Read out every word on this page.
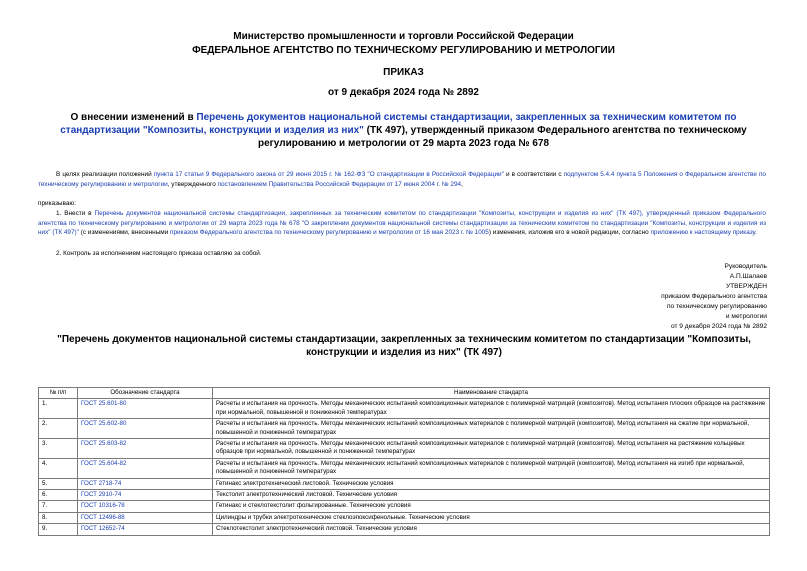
Министерство промышленности и торговли Российской Федерации
ФЕДЕРАЛЬНОЕ АГЕНТСТВО ПО ТЕХНИЧЕСКОМУ РЕГУЛИРОВАНИЮ И МЕТРОЛОГИИ
ПРИКАЗ
от 9 декабря 2024 года № 2892
О внесении изменений в Перечень документов национальной системы стандартизации, закрепленных за техническим комитетом по стандартизации "Композиты, конструкции и изделия из них" (ТК 497), утвержденный приказом Федерального агентства по техническому регулированию и метрологии от 29 марта 2023 года № 678
В целях реализации положений пункта 17 статьи 9 Федерального закона от 29 июня 2015 г. № 162-ФЗ "О стандартизации в Российской Федерации" и в соответствии с подпунктом 5.4.4 пункта 5 Положения о Федеральном агентстве по техническому регулированию и метрологии, утвержденного постановлением Правительства Российской Федерации от 17 июня 2004 г. № 294,
приказываю:
1. Внести в Перечень документов национальной системы стандартизации, закрепленных за техническим комитетом по стандартизации "Композиты, конструкции и изделия из них" (ТК 497), утвержденный приказом Федерального агентства по техническому регулированию и метрологии от 29 марта 2023 года № 678 "О закреплении документов национальной системы стандартизации за техническим комитетом по стандартизации "Композиты, конструкции и изделия из них" (ТК 497)" (с изменениями, внесенными приказом Федерального агентства по техническому регулированию и метрологии от 16 мая 2023 г. № 1005) изменения, изложив его в новой редакции, согласно приложению к настоящему приказу.
2. Контроль за исполнением настоящего приказа оставляю за собой.
Руководитель
А.П.Шалаев
УТВЕРЖДЕН
приказом Федерального агентства
по техническому регулированию
и метрологии
от 9 декабря 2024 года № 2892
"Перечень документов национальной системы стандартизации, закрепленных за техническим комитетом по стандартизации "Композиты, конструкции и изделия из них" (ТК 497)
№ п/п	Обозначение стандарта	Наименование стандарта
1.	ГОСТ 25.601-80	Расчеты и испытания на прочность. Методы механических испытаний композиционных материалов с полимерной матрицей (композитов). Метод испытания плоских образцов на растяжение при нормальной, повышенной и пониженной температурах
2.	ГОСТ 25.602-80	Расчеты и испытания на прочность. Методы механических испытаний композиционных материалов с полимерной матрицей (композитов). Метод испытания на сжатие при нормальной, повышенной и пониженной температурах
3.	ГОСТ 25.603-82	Расчеты и испытания на прочность. Методы механических испытаний композиционных материалов с полимерной матрицей (композитов). Метод испытания на растяжение кольцевых образцов при нормальной, повышенной и пониженной температурах
4.	ГОСТ 25.604-82	Расчеты и испытания на прочность. Методы механических испытаний композиционных материалов с полимерной матрицей (композитов). Метод испытания на изгиб при нормальной, повышенной и пониженной температурах
5.	ГОСТ 2718-74	Гетинакс электротехнический листовой. Технические условия
6.	ГОСТ 2910-74	Текстолит электротехнический листовой. Технические условия
7.	ГОСТ 10316-78	Гетинакс и стеклотекстолит фольгированные. Технические условия
8.	ГОСТ 12496-88	Цилиндры и трубки электротехнические стеклоэпоксифенольные. Технические условия
9.	ГОСТ 12652-74	Стеклотекстолит электротехнический листовой. Технические условия
